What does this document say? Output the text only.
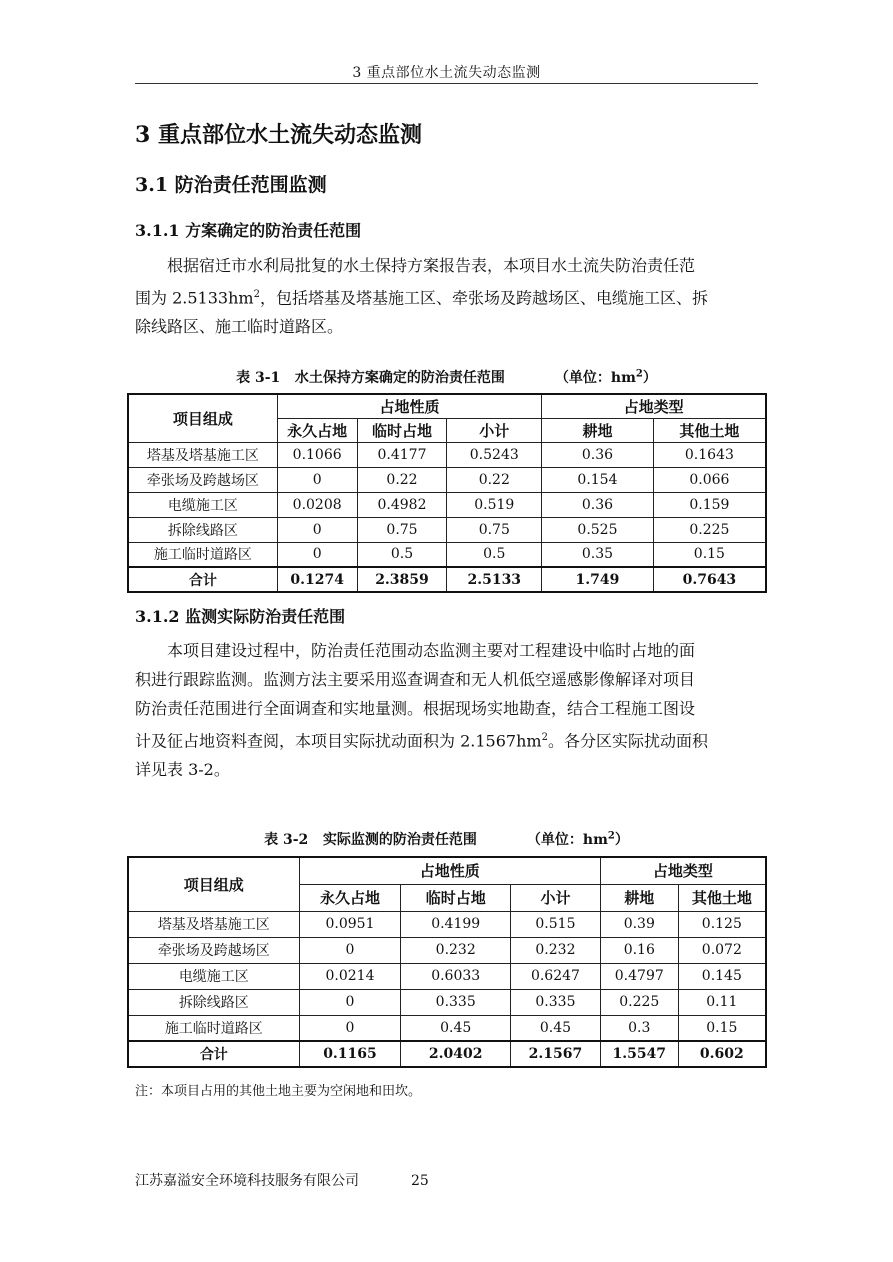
3 重点部位水土流失动态监测
3 重点部位水土流失动态监测
3.1 防治责任范围监测
3.1.1 方案确定的防治责任范围
根据宿迁市水利局批复的水土保持方案报告表，本项目水土流失防治责任范
围为 $2.5133hm^2$，包括塔基及塔基施工区、牵张场及跨越场区、电缆施工区、拆
除线路区、施工临时道路区。
表 3-1   水土保持方案确定的防治责任范围	（单位：$hm^2$）
项目组成	占地性质			占地类型	
	永久占地	临时占地	小计	耕地	其他土地
塔基及塔基施工区	0.1066	0.4177	0.5243	0.36	0.1643
牵张场及跨越场区	0	0.22	0.22	0.154	0.066
电缆施工区	0.0208	0.4982	0.519	0.36	0.159
拆除线路区	0	0.75	0.75	0.525	0.225
施工临时道路区	0	0.5	0.5	0.35	0.15
合计	0.1274	2.3859	2.5133	1.749	0.7643
3.1.2 监测实际防治责任范围
本项目建设过程中，防治责任范围动态监测主要对工程建设中临时占地的面
积进行跟踪监测。监测方法主要采用巡查调查和无人机低空遥感影像解译对项目
防治责任范围进行全面调查和实地量测。根据现场实地勘查，结合工程施工图设
计及征占地资料查阅，本项目实际扰动面积为 $2.1567hm^2$。各分区实际扰动面积
详见表 3-2。
表 3-2   实际监测的防治责任范围	（单位：$hm^2$）
项目组成	占地性质			占地类型	
	永久占地	临时占地	小计	耕地	其他土地
塔基及塔基施工区	0.0951	0.4199	0.515	0.39	0.125
牵张场及跨越场区	0	0.232	0.232	0.16	0.072
电缆施工区	0.0214	0.6033	0.6247	0.4797	0.145
拆除线路区	0	0.335	0.335	0.225	0.11
施工临时道路区	0	0.45	0.45	0.3	0.15
合计	0.1165	2.0402	2.1567	1.5547	0.602
注：本项目占用的其他土地主要为空闲地和田坎。
江苏嘉溢安全环境科技服务有限公司	25
